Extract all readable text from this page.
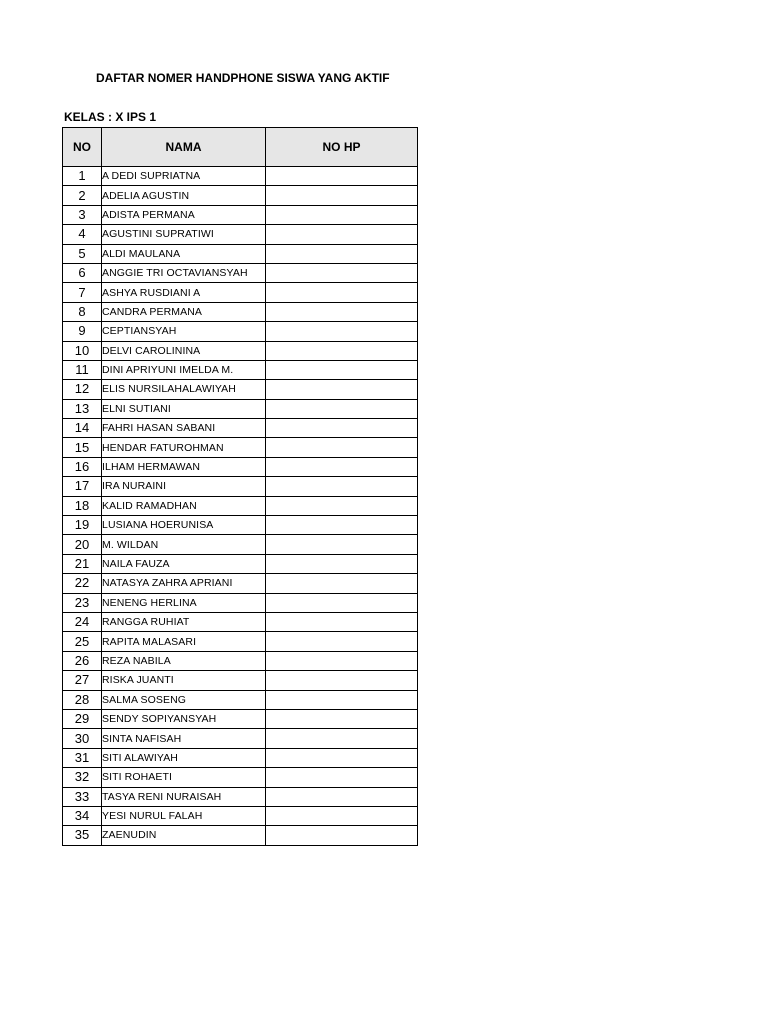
DAFTAR NOMER HANDPHONE SISWA YANG AKTIF
KELAS : X IPS 1
NO	NAMA	NO HP
1	A DEDI SUPRIATNA	
2	ADELIA AGUSTIN	
3	ADISTA PERMANA	
4	AGUSTINI SUPRATIWI	
5	ALDI MAULANA	
6	ANGGIE TRI OCTAVIANSYAH	
7	ASHYA RUSDIANI A	
8	CANDRA PERMANA	
9	CEPTIANSYAH	
10	DELVI CAROLININA	
11	DINI APRIYUNI IMELDA M.	
12	ELIS NURSILAHALAWIYAH	
13	ELNI SUTIANI	
14	FAHRI HASAN SABANI	
15	HENDAR FATUROHMAN	
16	ILHAM HERMAWAN	
17	IRA NURAINI	
18	KALID RAMADHAN	
19	LUSIANA HOERUNISA	
20	M. WILDAN	
21	NAILA FAUZA	
22	NATASYA ZAHRA APRIANI	
23	NENENG HERLINA	
24	RANGGA RUHIAT	
25	RAPITA MALASARI	
26	REZA NABILA	
27	RISKA JUANTI	
28	SALMA SOSENG	
29	SENDY SOPIYANSYAH	
30	SINTA NAFISAH	
31	SITI ALAWIYAH	
32	SITI ROHAETI	
33	TASYA RENI NURAISAH	
34	YESI NURUL FALAH	
35	ZAENUDIN	
